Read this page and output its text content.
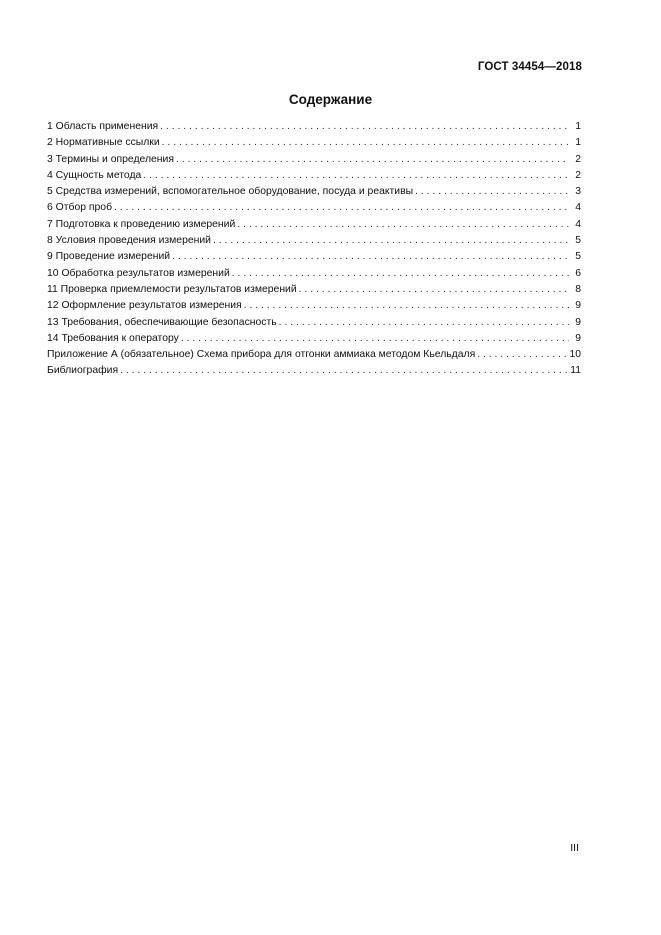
ГОСТ 34454—2018
Содержание
1 Область применения . . .	1
2 Нормативные ссылки . . .	1
3 Термины и определения . . .	2
4 Сущность метода . . .	2
5 Средства измерений, вспомогательное оборудование, посуда и реактивы . . .	3
6 Отбор проб . . .	4
7 Подготовка к проведению измерений . . .	4
8 Условия проведения измерений . . .	5
9 Проведение измерений . . .	5
10 Обработка результатов измерений . . .	6
11 Проверка приемлемости результатов измерений . . .	8
12 Оформление результатов измерения . . .	9
13 Требования, обеспечивающие безопасность . . .	9
14 Требования к оператору . . .	9
Приложение А (обязательное) Схема прибора для отгонки аммиака методом Кьельдаля . . .	10
Библиография . . .	11
III
